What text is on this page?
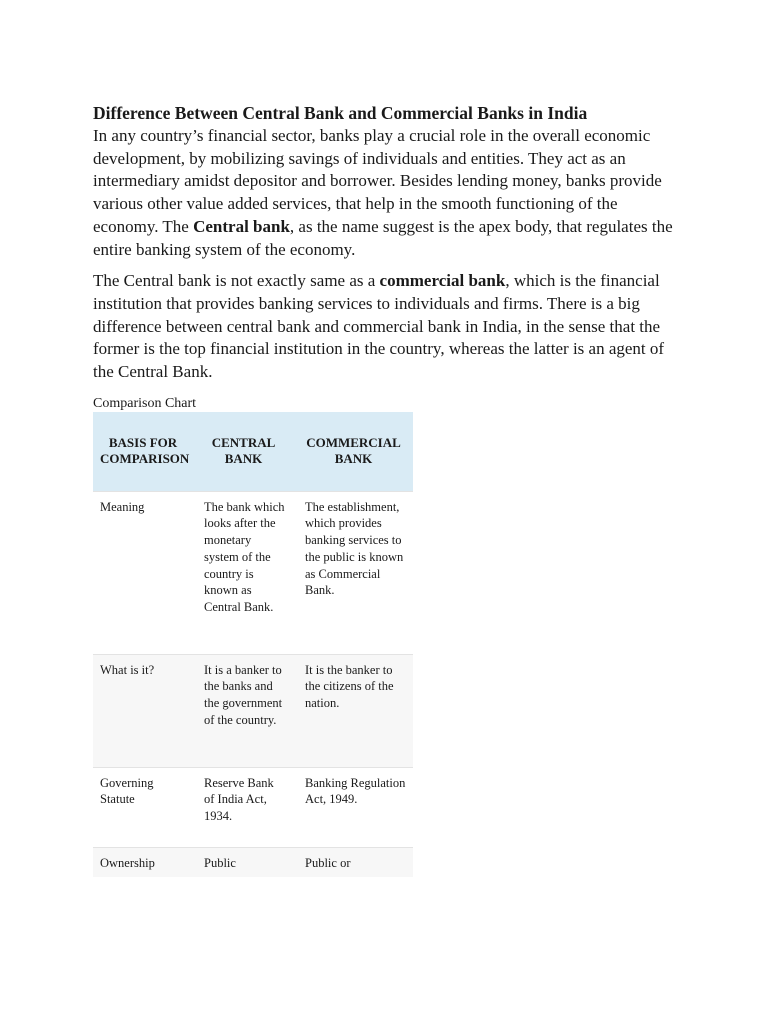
Difference Between Central Bank and Commercial Banks in India

In any country’s financial sector, banks play a crucial role in the overall economic development, by mobilizing savings of individuals and entities. They act as an intermediary amidst depositor and borrower. Besides lending money, banks provide various other value added services, that help in the smooth functioning of the economy. The Central bank, as the name suggest is the apex body, that regulates the entire banking system of the economy.

The Central bank is not exactly same as a commercial bank, which is the financial institution that provides banking services to individuals and firms. There is a big difference between central bank and commercial bank in India, in the sense that the former is the top financial institution in the country, whereas the latter is an agent of the Central Bank.

Comparison Chart

BASIS FOR COMPARISON	CENTRAL BANK	COMMERCIAL BANK
Meaning	The bank which looks after the monetary system of the country is known as Central Bank.	The establishment, which provides banking services to the public is known as Commercial Bank.
What is it?	It is a banker to the banks and the government of the country.	It is the banker to the citizens of the nation.
Governing Statute	Reserve Bank of India Act, 1934.	Banking Regulation Act, 1949.
Ownership	Public	Public or
